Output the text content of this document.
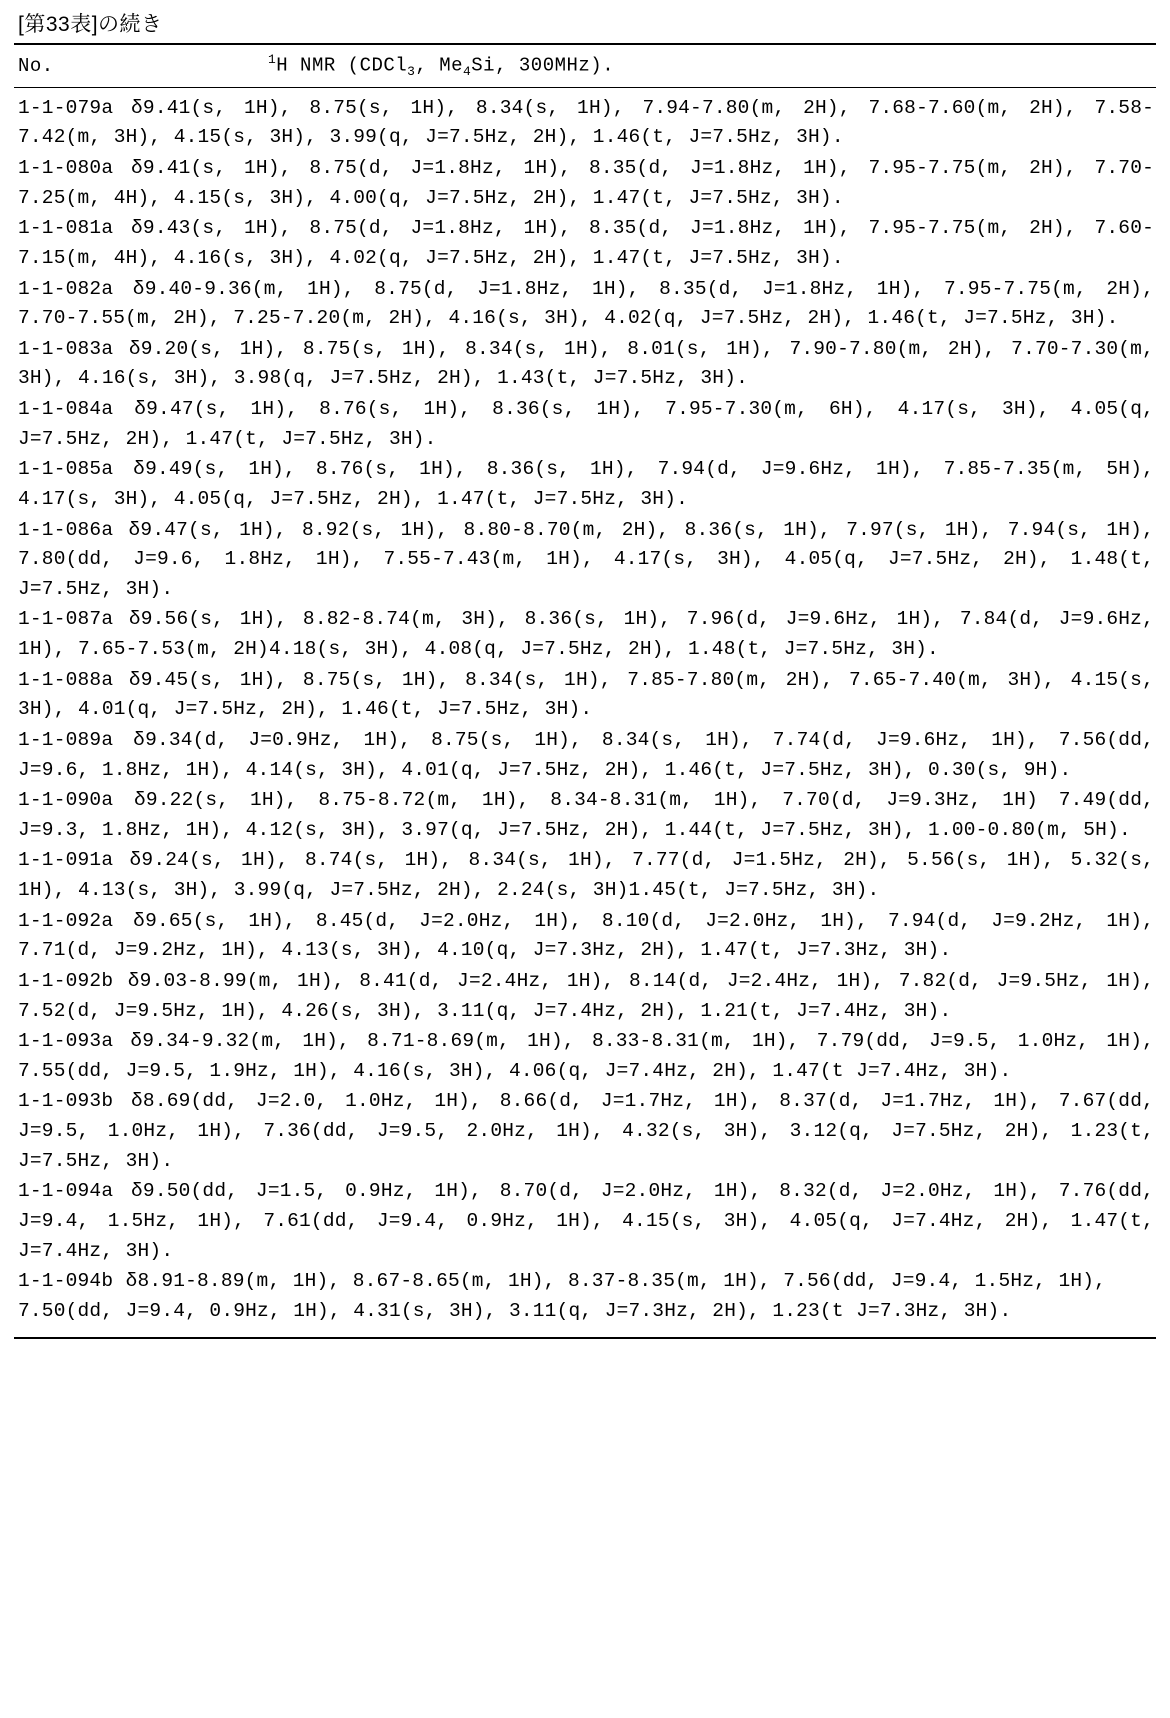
[第33表]の続き
No.	$^1$H NMR (CDCl$_3$, $Me_4Si$, 300MHz).

1-1-079a δ9.41(s, 1H), 8.75(s, 1H), 8.34(s, 1H), 7.94-7.80(m, 2H), 7.68-7.60(m, 2H), 7.58-7.42(m, 3H), 4.15(s, 3H), 3.99(q, J=7.5Hz, 2H), 1.46(t, J=7.5Hz, 3H).

1-1-080a δ9.41(s, 1H), 8.75(d, J=1.8Hz, 1H), 8.35(d, J=1.8Hz, 1H), 7.95-7.75(m, 2H), 7.70-7.25(m, 4H), 4.15(s, 3H), 4.00(q, J=7.5Hz, 2H), 1.47(t, J=7.5Hz, 3H).

1-1-081a δ9.43(s, 1H), 8.75(d, J=1.8Hz, 1H), 8.35(d, J=1.8Hz, 1H), 7.95-7.75(m, 2H), 7.60-7.15(m, 4H), 4.16(s, 3H), 4.02(q, J=7.5Hz, 2H), 1.47(t, J=7.5Hz, 3H).

1-1-082a δ9.40-9.36(m, 1H), 8.75(d, J=1.8Hz, 1H), 8.35(d, J=1.8Hz, 1H), 7.95-7.75(m, 2H), 7.70-7.55(m, 2H), 7.25-7.20(m, 2H), 4.16(s, 3H), 4.02(q, J=7.5Hz, 2H), 1.46(t, J=7.5Hz, 3H).

1-1-083a δ9.20(s, 1H), 8.75(s, 1H), 8.34(s, 1H), 8.01(s, 1H), 7.90-7.80(m, 2H), 7.70-7.30(m, 3H), 4.16(s, 3H), 3.98(q, J=7.5Hz, 2H), 1.43(t, J=7.5Hz, 3H).

1-1-084a δ9.47(s, 1H), 8.76(s, 1H), 8.36(s, 1H), 7.95-7.30(m, 6H), 4.17(s, 3H), 4.05(q, J=7.5Hz, 2H), 1.47(t, J=7.5Hz, 3H).

1-1-085a δ9.49(s, 1H), 8.76(s, 1H), 8.36(s, 1H), 7.94(d, J=9.6Hz, 1H), 7.85-7.35(m, 5H), 4.17(s, 3H), 4.05(q, J=7.5Hz, 2H), 1.47(t, J=7.5Hz, 3H).

1-1-086a δ9.47(s, 1H), 8.92(s, 1H), 8.80-8.70(m, 2H), 8.36(s, 1H), 7.97(s, 1H), 7.94(s, 1H), 7.80(dd, J=9.6, 1.8Hz, 1H), 7.55-7.43(m, 1H), 4.17(s, 3H), 4.05(q, J=7.5Hz, 2H), 1.48(t, J=7.5Hz, 3H).

1-1-087a δ9.56(s, 1H), 8.82-8.74(m, 3H), 8.36(s, 1H), 7.96(d, J=9.6Hz, 1H), 7.84(d, J=9.6Hz, 1H), 7.65-7.53(m, 2H)4.18(s, 3H), 4.08(q, J=7.5Hz, 2H), 1.48(t, J=7.5Hz, 3H).

1-1-088a δ9.45(s, 1H), 8.75(s, 1H), 8.34(s, 1H), 7.85-7.80(m, 2H), 7.65-7.40(m, 3H), 4.15(s, 3H), 4.01(q, J=7.5Hz, 2H), 1.46(t, J=7.5Hz, 3H).

1-1-089a δ9.34(d, J=0.9Hz, 1H), 8.75(s, 1H), 8.34(s, 1H), 7.74(d, J=9.6Hz, 1H), 7.56(dd, J=9.6, 1.8Hz, 1H), 4.14(s, 3H), 4.01(q, J=7.5Hz, 2H), 1.46(t, J=7.5Hz, 3H), 0.30(s, 9H).

1-1-090a δ9.22(s, 1H), 8.75-8.72(m, 1H), 8.34-8.31(m, 1H), 7.70(d, J=9.3Hz, 1H) 7.49(dd, J=9.3, 1.8Hz, 1H), 4.12(s, 3H), 3.97(q, J=7.5Hz, 2H), 1.44(t, J=7.5Hz, 3H), 1.00-0.80(m, 5H).

1-1-091a δ9.24(s, 1H), 8.74(s, 1H), 8.34(s, 1H), 7.77(d, J=1.5Hz, 2H), 5.56(s, 1H), 5.32(s, 1H), 4.13(s, 3H), 3.99(q, J=7.5Hz, 2H), 2.24(s, 3H)1.45(t, J=7.5Hz, 3H).

1-1-092a δ9.65(s, 1H), 8.45(d, J=2.0Hz, 1H), 8.10(d, J=2.0Hz, 1H), 7.94(d, J=9.2Hz, 1H), 7.71(d, J=9.2Hz, 1H), 4.13(s, 3H), 4.10(q, J=7.3Hz, 2H), 1.47(t, J=7.3Hz, 3H).

1-1-092b δ9.03-8.99(m, 1H), 8.41(d, J=2.4Hz, 1H), 8.14(d, J=2.4Hz, 1H), 7.82(d, J=9.5Hz, 1H), 7.52(d, J=9.5Hz, 1H), 4.26(s, 3H), 3.11(q, J=7.4Hz, 2H), 1.21(t, J=7.4Hz, 3H).

1-1-093a δ9.34-9.32(m, 1H), 8.71-8.69(m, 1H), 8.33-8.31(m, 1H), 7.79(dd, J=9.5, 1.0Hz, 1H), 7.55(dd, J=9.5, 1.9Hz, 1H), 4.16(s, 3H), 4.06(q, J=7.4Hz, 2H), 1.47(t J=7.4Hz, 3H).

1-1-093b δ8.69(dd, J=2.0, 1.0Hz, 1H), 8.66(d, J=1.7Hz, 1H), 8.37(d, J=1.7Hz, 1H), 7.67(dd, J=9.5, 1.0Hz, 1H), 7.36(dd, J=9.5, 2.0Hz, 1H), 4.32(s, 3H), 3.12(q, J=7.5Hz, 2H), 1.23(t, J=7.5Hz, 3H).

1-1-094a δ9.50(dd, J=1.5, 0.9Hz, 1H), 8.70(d, J=2.0Hz, 1H), 8.32(d, J=2.0Hz, 1H), 7.76(dd, J=9.4, 1.5Hz, 1H), 7.61(dd, J=9.4, 0.9Hz, 1H), 4.15(s, 3H), 4.05(q, J=7.4Hz, 2H), 1.47(t, J=7.4Hz, 3H).

1-1-094b δ8.91-8.89(m, 1H), 8.67-8.65(m, 1H), 8.37-8.35(m, 1H), 7.56(dd, J=9.4, 1.5Hz, 1H), 7.50(dd, J=9.4, 0.9Hz, 1H), 4.31(s, 3H), 3.11(q, J=7.3Hz, 2H), 1.23(t J=7.3Hz, 3H).
